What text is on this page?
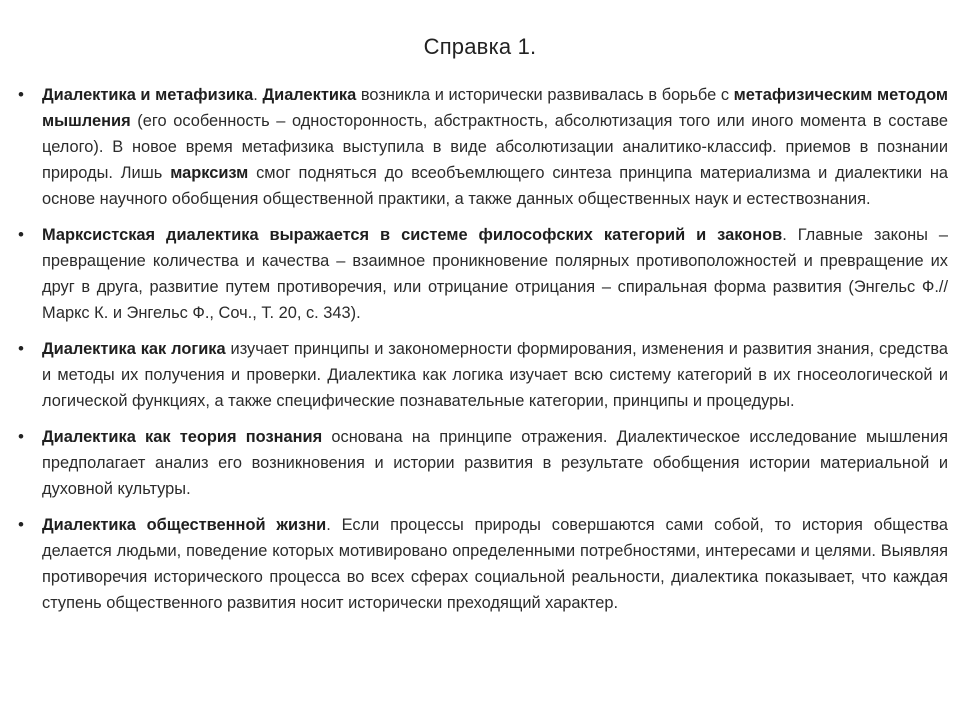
Справка 1.
• Диалектика и метафизика. Диалектика возникла и исторически развивалась в борьбе с метафизическим методом мышления (его особенность – односторонность, абстрактность, абсолютизация того или иного момента в составе целого). В новое время метафизика выступила в виде абсолютизации аналитико-классиф. приемов в познании природы. Лишь марксизм смог подняться до всеобъемлющего синтеза принципа материализма и диалектики на основе научного обобщения общественной практики, а также данных общественных наук и естествознания.
• Марксистская диалектика выражается в системе философских категорий и законов. Главные законы – превращение количества и качества – взаимное проникновение полярных противоположностей и превращение их друг в друга, развитие путем противоречия, или отрицание отрицания – спиральная форма развития (Энгельс Ф.// Маркс К. и Энгельс Ф., Соч., Т. 20, с. 343).
• Диалектика как логика изучает принципы и закономерности формирования, изменения и развития знания, средства и методы их получения и проверки. Диалектика как логика изучает всю систему категорий в их гносеологической и логической функциях, а также специфические познавательные категории, принципы и процедуры.
• Диалектика как теория познания основана на принципе отражения. Диалектическое исследование мышления предполагает анализ его возникновения и истории развития в результате обобщения истории материальной и духовной культуры.
• Диалектика общественной жизни. Если процессы природы совершаются сами собой, то история общества делается людьми, поведение которых мотивировано определенными потребностями, интересами и целями. Выявляя противоречия исторического процесса во всех сферах социальной реальности, диалектика показывает, что каждая ступень общественного развития носит исторически преходящий характер.
